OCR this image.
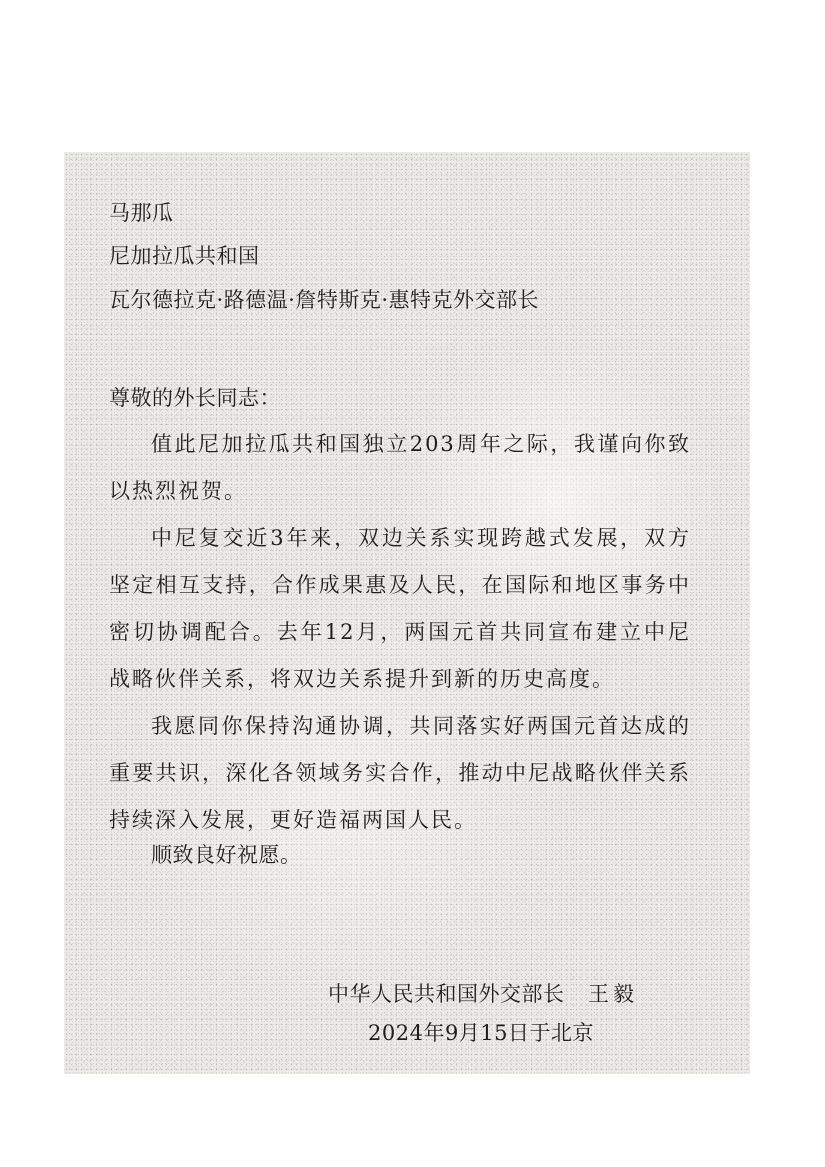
马那瓜
尼加拉瓜共和国
瓦尔德拉克·路德温·詹特斯克·惠特克外交部长
尊敬的外长同志：
值此尼加拉瓜共和国独立203周年之际，我谨向你致以热烈祝贺。
中尼复交近3年来，双边关系实现跨越式发展，双方坚定相互支持，合作成果惠及人民，在国际和地区事务中密切协调配合。去年12月，两国元首共同宣布建立中尼战略伙伴关系，将双边关系提升到新的历史高度。
我愿同你保持沟通协调，共同落实好两国元首达成的重要共识，深化各领域务实合作，推动中尼战略伙伴关系持续深入发展，更好造福两国人民。
顺致良好祝愿。
中华人民共和国外交部长 王毅
2024年9月15日于北京
